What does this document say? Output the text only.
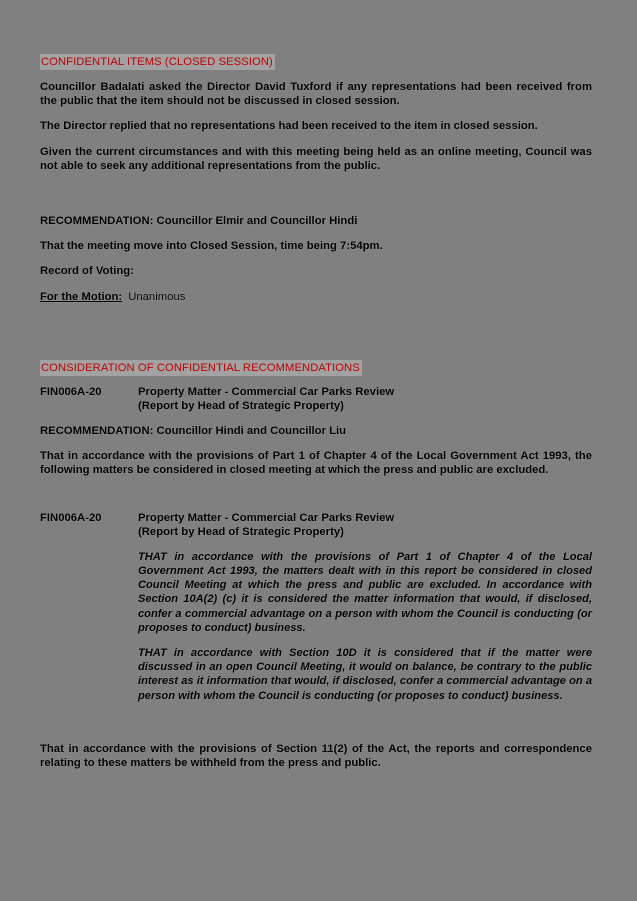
CONFIDENTIAL ITEMS (CLOSED SESSION)

Councillor Badalati asked the Director David Tuxford if any representations had been received from the public that the item should not be discussed in closed session.

The Director replied that no representations had been received to the item in closed session.

Given the current circumstances and with this meeting being held as an online meeting, Council was not able to seek any additional representations from the public.

RECOMMENDATION: Councillor Elmir and Councillor Hindi
That the meeting move into Closed Session, time being 7:54pm.
Record of Voting:
For the Motion: Unanimous
CONSIDERATION OF CONFIDENTIAL RECOMMENDATIONS
FIN006A-20	Property Matter - Commercial Car Parks Review
(Report by Head of Strategic Property)
RECOMMENDATION: Councillor Hindi and Councillor Liu

That in accordance with the provisions of Part 1 of Chapter 4 of the Local Government Act 1993, the following matters be considered in closed meeting at which the press and public are excluded.

FIN006A-20	Property Matter - Commercial Car Parks Review
(Report by Head of Strategic Property)

THAT in accordance with the provisions of Part 1 of Chapter 4 of the Local Government Act 1993, the matters dealt with in this report be considered in closed Council Meeting at which the press and public are excluded. In accordance with Section 10A(2) (c) it is considered the matter information that would, if disclosed, confer a commercial advantage on a person with whom the Council is conducting (or proposes to conduct) business.

THAT in accordance with Section 10D it is considered that if the matter were discussed in an open Council Meeting, it would on balance, be contrary to the public interest as it information that would, if disclosed, confer a commercial advantage on a person with whom the Council is conducting (or proposes to conduct) business.

That in accordance with the provisions of Section 11(2) of the Act, the reports and correspondence relating to these matters be withheld from the press and public.
